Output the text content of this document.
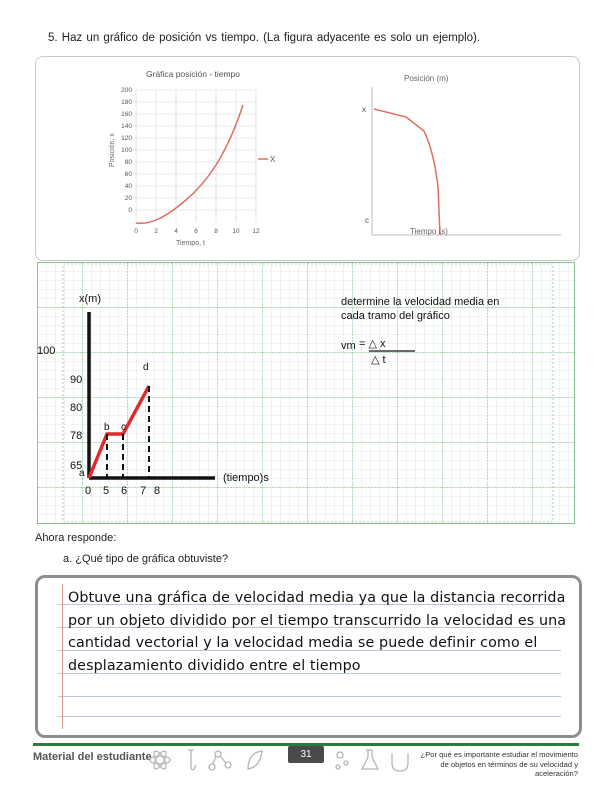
5. Haz un gráfico de posición vs tiempo. (La figura adyacente es solo un ejemplo).
Gráfica posición - tiempo
200
180
160
140
120
100
80
60
40
20
0
0	2	4	6	8 10 12
Tiempo, t
Posición, x	X
Posición (m)
x
c
Tiempo (s)
x(m)
(tiempo)s
100
90
80
78
65
0 5 6 7 8
a
b c
d
determine la velocidad media en
cada tramo del gráfico
vm = △ x
△ t
Ahora responde:
a. ¿Qué tipo de gráfica obtuviste?
Obtuve una gráfica de velocidad media ya que la distancia recorrida por un objeto dividido por el tiempo transcurrido la velocidad es una cantidad vectorial y la velocidad media se puede definir como el desplazamiento dividido entre el tiempo
Material del estudiante	31	¿Por qué es importante estudiar el movimiento de objetos en términos de su velocidad y aceleración?
